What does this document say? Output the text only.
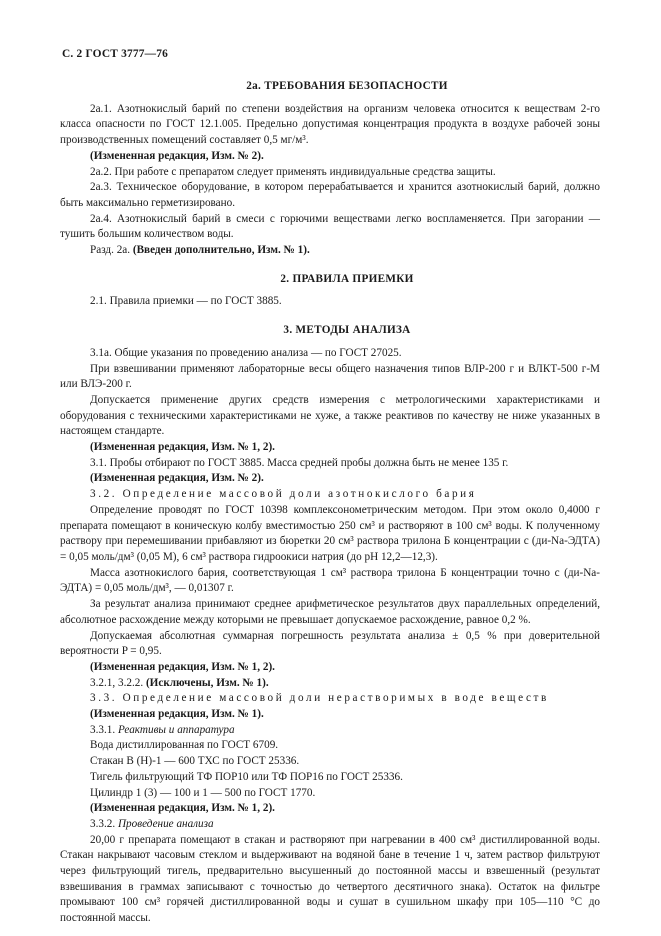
С. 2 ГОСТ 3777—76
2а. ТРЕБОВАНИЯ БЕЗОПАСНОСТИ

2а.1. Азотнокислый барий по степени воздействия на организм человека относится к веществам 2-го класса опасности по ГОСТ 12.1.005. Предельно допустимая концентрация продукта в воздухе рабочей зоны производственных помещений составляет 0,5 мг/м³.

(Измененная редакция, Изм. № 2).

2а.2. При работе с препаратом следует применять индивидуальные средства защиты.

2а.3. Техническое оборудование, в котором перерабатывается и хранится азотнокислый барий, должно быть максимально герметизировано.

2а.4. Азотнокислый барий в смеси с горючими веществами легко воспламеняется. При загорании — тушить большим количеством воды.

Разд. 2а. (Введен дополнительно, Изм. № 1).

2. ПРАВИЛА ПРИЕМКИ

2.1. Правила приемки — по ГОСТ 3885.

3. МЕТОДЫ АНАЛИЗА

3.1а. Общие указания по проведению анализа — по ГОСТ 27025.

При взвешивании применяют лабораторные весы общего назначения типов ВЛР-200 г и ВЛКТ-500 г-М или ВЛЭ-200 г.

Допускается применение других средств измерения с метрологическими характеристиками и оборудования с техническими характеристиками не хуже, а также реактивов по качеству не ниже указанных в настоящем стандарте.

(Измененная редакция, Изм. № 1, 2).

3.1. Пробы отбирают по ГОСТ 3885. Масса средней пробы должна быть не менее 135 г.

(Измененная редакция, Изм. № 2).

3.2. Определение массовой доли азотнокислого бария

Определение проводят по ГОСТ 10398 комплексонометрическим методом. При этом около 0,4000 г препарата помещают в коническую колбу вместимостью 250 см³ и растворяют в 100 см³ воды. К полученному раствору при перемешивании прибавляют из бюретки 20 см³ раствора трилона Б концентрации с (ди-Na-ЭДТА) = 0,05 моль/дм³ (0,05 М), 6 см³ раствора гидроокиси натрия (до pH 12,2—12,3).

Масса азотнокислого бария, соответствующая 1 см³ раствора трилона Б концентрации точно с (ди-Na-ЭДТА) = 0,05 моль/дм³, — 0,01307 г.

За результат анализа принимают среднее арифметическое результатов двух параллельных определений, абсолютное расхождение между которыми не превышает допускаемое расхождение, равное 0,2 %.

Допускаемая абсолютная суммарная погрешность результата анализа ± 0,5 % при доверительной вероятности P = 0,95.

(Измененная редакция, Изм. № 1, 2).

3.2.1, 3.2.2. (Исключены, Изм. № 1).

3.3. Определение массовой доли нерастворимых в воде веществ

(Измененная редакция, Изм. № 1).

3.3.1. Реактивы и аппаратура

Вода дистиллированная по ГОСТ 6709.

Стакан В (Н)-1 — 600 ТХС по ГОСТ 25336.

Тигель фильтрующий ТФ ПОР10 или ТФ ПОР16 по ГОСТ 25336.

Цилиндр 1 (3) — 100 и 1 — 500 по ГОСТ 1770.

(Измененная редакция, Изм. № 1, 2).

3.3.2. Проведение анализа

20,00 г препарата помещают в стакан и растворяют при нагревании в 400 см³ дистиллированной воды. Стакан накрывают часовым стеклом и выдерживают на водяной бане в течение 1 ч, затем раствор фильтруют через фильтрующий тигель, предварительно высушенный до постоянной массы и взвешенный (результат взвешивания в граммах записывают с точностью до четвертого десятичного знака). Остаток на фильтре промывают 100 см³ горячей дистиллированной воды и сушат в сушильном шкафу при 105—110 °С до постоянной массы.
